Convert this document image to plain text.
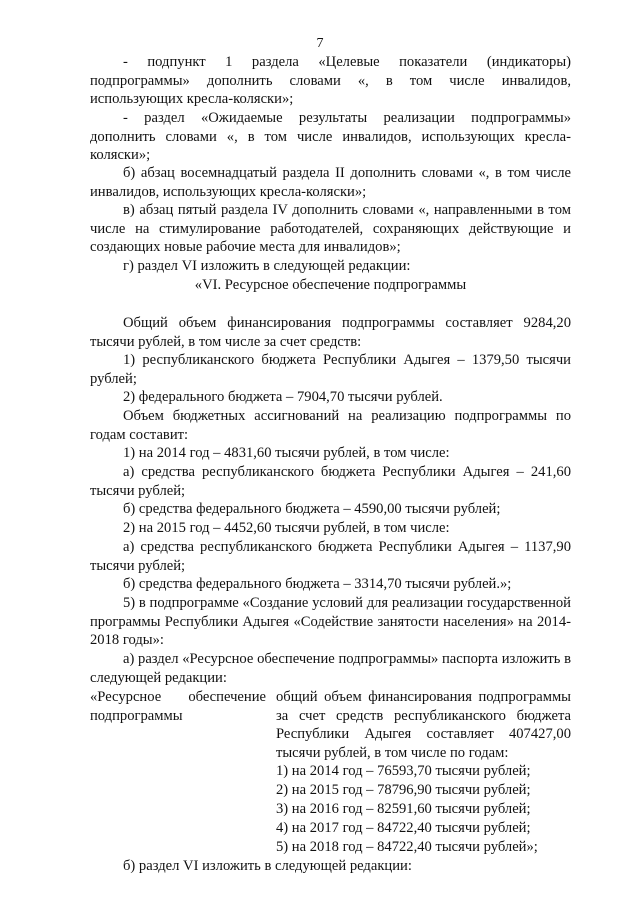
7

- подпункт 1 раздела «Целевые показатели (индикаторы) подпрограммы» дополнить словами «, в том числе инвалидов, использующих кресла-коляски»;

- раздел «Ожидаемые результаты реализации подпрограммы» дополнить словами «, в том числе инвалидов, использующих кресла-коляски»;

б) абзац восемнадцатый раздела II дополнить словами «, в том числе инвалидов, использующих кресла-коляски»;

в) абзац пятый раздела IV дополнить словами «, направленными в том числе на стимулирование работодателей, сохраняющих действующие и создающих новые рабочие места для инвалидов»;

г) раздел VI изложить в следующей редакции:

«VI. Ресурсное обеспечение подпрограммы

Общий объем финансирования подпрограммы составляет 9284,20 тысячи рублей, в том числе за счет средств:

1) республиканского бюджета Республики Адыгея – 1379,50 тысячи рублей;

2) федерального бюджета – 7904,70 тысячи рублей.

Объем бюджетных ассигнований на реализацию подпрограммы по годам составит:

1) на 2014 год – 4831,60 тысячи рублей, в том числе:

а) средства республиканского бюджета Республики Адыгея – 241,60 тысячи рублей;

б) средства федерального бюджета – 4590,00 тысячи рублей;

2) на 2015 год – 4452,60 тысячи рублей, в том числе:

а) средства республиканского бюджета Республики Адыгея – 1137,90 тысячи рублей;

б) средства федерального бюджета – 3314,70 тысячи рублей.»;

5) в подпрограмме «Создание условий для реализации государственной программы Республики Адыгея «Содействие занятости населения» на 2014-2018 годы»:

а) раздел «Ресурсное обеспечение подпрограммы» паспорта изложить в следующей редакции:

«Ресурсное обеспечение подпрограммы
общий объем финансирования подпрограммы за счет средств республиканского бюджета Республики Адыгея составляет 407427,00 тысячи рублей, в том числе по годам:
1) на 2014 год – 76593,70 тысячи рублей;
2) на 2015 год – 78796,90 тысячи рублей;
3) на 2016 год – 82591,60 тысячи рублей;
4) на 2017 год – 84722,40 тысячи рублей;
5) на 2018 год – 84722,40 тысячи рублей»;

б) раздел VI изложить в следующей редакции:
